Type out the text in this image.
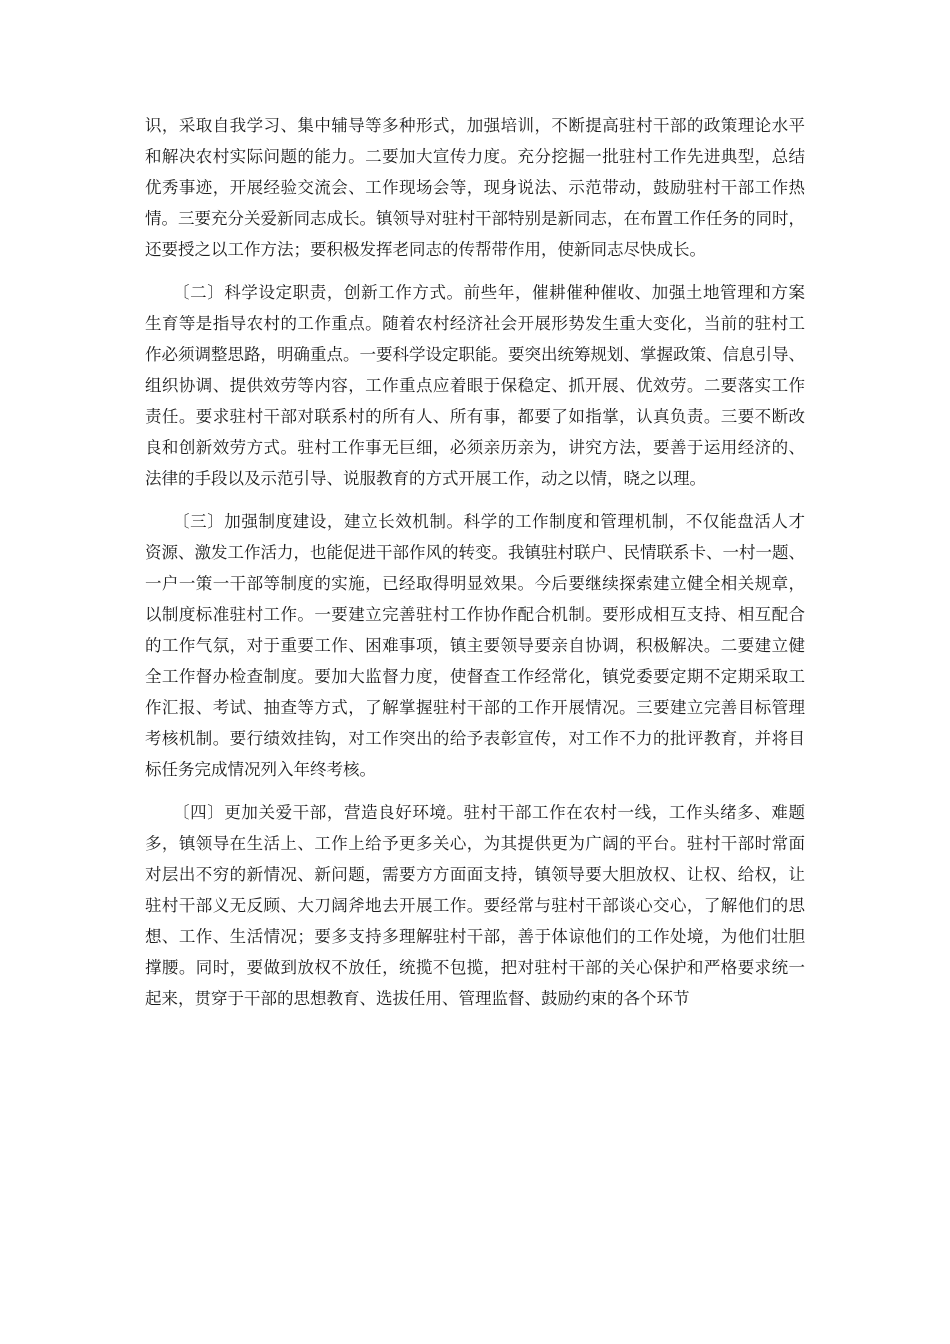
识，采取自我学习、集中辅导等多种形式，加强培训，不断提高驻村干部的政策理论水平
和解决农村实际问题的能力。二要加大宣传力度。充分挖掘一批驻村工作先进典型，总结
优秀事迹，开展经验交流会、工作现场会等，现身说法、示范带动，鼓励驻村干部工作热
情。三要充分关爱新同志成长。镇领导对驻村干部特别是新同志，在布置工作任务的同时，
还要授之以工作方法；要积极发挥老同志的传帮带作用，使新同志尽快成长。
〔二〕科学设定职责，创新工作方式。前些年，催耕催种催收、加强土地管理和方案
生育等是指导农村的工作重点。随着农村经济社会开展形势发生重大变化，当前的驻村工
作必须调整思路，明确重点。一要科学设定职能。要突出统筹规划、掌握政策、信息引导、
组织协调、提供效劳等内容，工作重点应着眼于保稳定、抓开展、优效劳。二要落实工作
责任。要求驻村干部对联系村的所有人、所有事，都要了如指掌，认真负责。三要不断改
良和创新效劳方式。驻村工作事无巨细，必须亲历亲为，讲究方法，要善于运用经济的、
法律的手段以及示范引导、说服教育的方式开展工作，动之以情，晓之以理。
〔三〕加强制度建设，建立长效机制。科学的工作制度和管理机制，不仅能盘活人才
资源、激发工作活力，也能促进干部作风的转变。我镇驻村联户、民情联系卡、一村一题、
一户一策一干部等制度的实施，已经取得明显效果。今后要继续探索建立健全相关规章，
以制度标准驻村工作。一要建立完善驻村工作协作配合机制。要形成相互支持、相互配合
的工作气氛，对于重要工作、困难事项，镇主要领导要亲自协调，积极解决。二要建立健
全工作督办检查制度。要加大监督力度，使督查工作经常化，镇党委要定期不定期采取工
作汇报、考试、抽查等方式，了解掌握驻村干部的工作开展情况。三要建立完善目标管理
考核机制。要行绩效挂钩，对工作突出的给予表彰宣传，对工作不力的批评教育，并将目
标任务完成情况列入年终考核。
〔四〕更加关爱干部，营造良好环境。驻村干部工作在农村一线，工作头绪多、难题
多，镇领导在生活上、工作上给予更多关心，为其提供更为广阔的平台。驻村干部时常面
对层出不穷的新情况、新问题，需要方方面面支持，镇领导要大胆放权、让权、给权，让
驻村干部义无反顾、大刀阔斧地去开展工作。要经常与驻村干部谈心交心，了解他们的思
想、工作、生活情况；要多支持多理解驻村干部，善于体谅他们的工作处境，为他们壮胆
撑腰。同时，要做到放权不放任，统揽不包揽，把对驻村干部的关心保护和严格要求统一
起来，贯穿于干部的思想教育、选拔任用、管理监督、鼓励约束的各个环节
